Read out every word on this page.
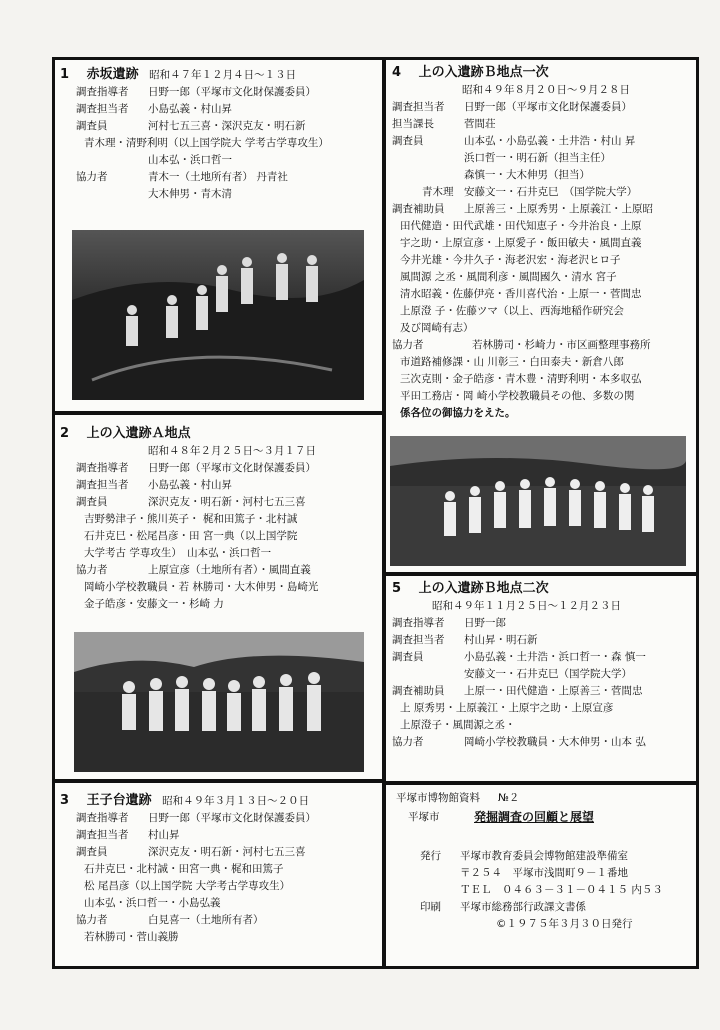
1　 赤坂遺跡 昭和４７年１２月４日～１３日
調査指導者	日野一郎（平塚市文化財保護委員）
調査担当者	小島弘義・村山昇
調査員	河村七五三喜・深沢克友・明石新
青木理・清野利明（以上国学院大 学考古学専攻生）
山本弘・浜口哲一
協力者	青木一（土地所有者） 丹青社
大木伸男・青木清
2　 上の入遺跡Ａ地点
昭和４８年２月２５日～３月１７日
調査指導者	日野一郎（平塚市文化財保護委員）
調査担当者	小島弘義・村山昇
調査員	深沢克友・明石新・河村七五三喜
吉野勢津子・熊川英子・ 梶和田篤子・北村誠
石井克巳・松尾昌彦・田 宮一典（以上国学院
大学考古 学専攻生）　山本弘・浜口哲一
協力者	上原宣彦（土地所有者）・風間直義
岡崎小学校教職員・若 林勝司・大木伸男・島崎光
金子皓彦・安藤文一・杉崎 力
3　 王子台遺跡 昭和４９年３月１３日～２０日
調査指導者	日野一郎（平塚市文化財保護委員）
調査担当者	村山昇
調査員	深沢克友・明石新・河村七五三喜
石井克巳・北村誠・田宮一典・梶和田篤子
松 尾昌彦（以上国学院 大学考古学専攻生）
山本弘・浜口哲一・小島弘義
協力者	白見喜一（土地所有者）
若林勝司・菅山義勝
4　 上の入遺跡Ｂ地点一次
昭和４９年８月２０日～９月２８日
調査担当者	日野一郎（平塚市文化財保護委員）
担当課長	菅間荘
調査員	山本弘・小島弘義・土井浩・村山 昇
浜口哲一・明石新（担当主任）
森慎一・大木伸男（担当）
青木理　安藤文一・石井克巳　（国学院大学）
調査補助員	上原善三・上原秀男・上原義江・上原昭
田代健造・田代武雄・田代知恵子・今井治良・上原
宇之助・上原宣彦・上原愛子・飯田敏夫・風間直義
今井光雄・今井久子・海老沢宏・海老沢ヒロ子
風間源 之丞・風間利彦・風間國久・清水 宮子
清水昭義・佐藤伊亮・香川喜代治・上原一・菅間忠
上原澄 子・佐藤ツマ（以上、西海地稲作研究会
及び岡崎有志）
協力者	若林勝司・杉崎力・市区画整理事務所
市道路補修課・山 川彰三・白田泰夫・新倉八郎
三次克則・金子皓彦・青木豊・清野利明・本多収弘
平田工務店・岡 崎小学校教職員その他、多数の関
係各位の御協力をえた。
5　 上の入遺跡Ｂ地点二次
昭和４９年１１月２５日～１２月２３日
調査指導者	日野一郎
調査担当者	村山昇・明石新
調査員	小島弘義・土井浩・浜口哲一・森 慎一
安藤文一・石井克巳（国学院大学）
調査補助員	上原一・田代健造・上原善三・菅間忠
上 原秀男・上原義江・上原宇之助・上原宣彦
上原澄子・風間源之丞・
協力者	岡崎小学校教職員・大木伸男・山本 弘
平塚市博物館資料 №２
平塚市	発掘調査の回顧と展望
発行	平塚市教育委員会博物館建設準備室
〒２５４　平塚市浅間町９－１番地
ＴＥＬ　０４６３－３１－０４１５ 内５３
印刷	平塚市総務部行政課文書係
©１９７５年３月３０日発行
